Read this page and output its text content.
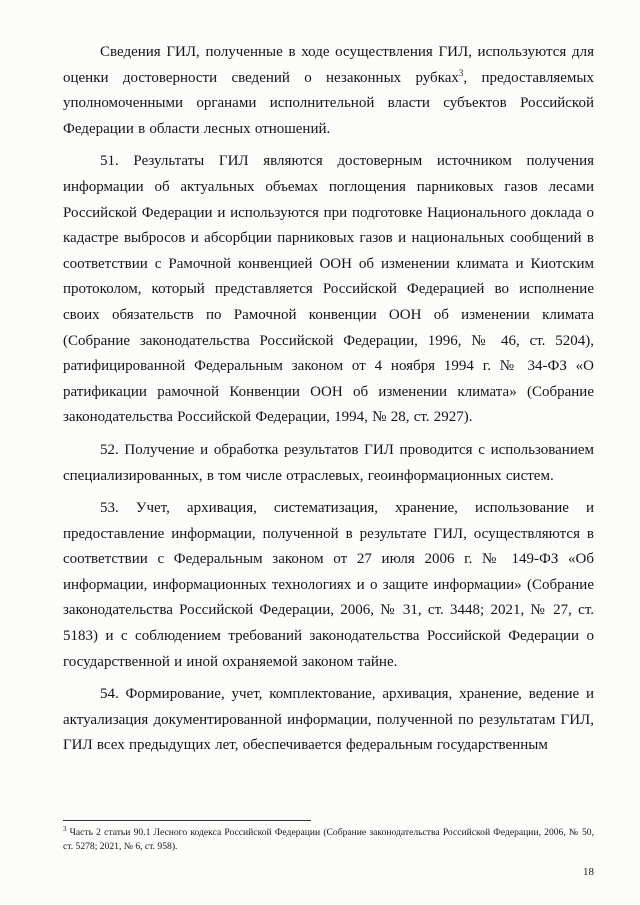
Сведения ГИЛ, полученные в ходе осуществления ГИЛ, используются для оценки достоверности сведений о незаконных рубках$^3$, предоставляемых уполномоченными органами исполнительной власти субъектов Российской Федерации в области лесных отношений.

51. Результаты ГИЛ являются достоверным источником получения информации об актуальных объемах поглощения парниковых газов лесами Российской Федерации и используются при подготовке Национального доклада о кадастре выбросов и абсорбции парниковых газов и национальных сообщений в соответствии с Рамочной конвенцией ООН об изменении климата и Киотским протоколом, который представляется Российской Федерацией во исполнение своих обязательств по Рамочной конвенции ООН об изменении климата (Собрание законодательства Российской Федерации, 1996, № 46, ст. 5204), ратифицированной Федеральным законом от 4 ноября 1994 г. № 34-ФЗ «О ратификации рамочной Конвенции ООН об изменении климата» (Собрание законодательства Российской Федерации, 1994, № 28, ст. 2927).

52. Получение и обработка результатов ГИЛ проводится с использованием специализированных, в том числе отраслевых, геоинформационных систем.

53. Учет, архивация, систематизация, хранение, использование и предоставление информации, полученной в результате ГИЛ, осуществляются в соответствии с Федеральным законом от 27 июля 2006 г. № 149-ФЗ «Об информации, информационных технологиях и о защите информации» (Собрание законодательства Российской Федерации, 2006, № 31, ст. 3448; 2021, № 27, ст. 5183) и с соблюдением требований законодательства Российской Федерации о государственной и иной охраняемой законом тайне.

54. Формирование, учет, комплектование, архивация, хранение, ведение и актуализация документированной информации, полученной по результатам ГИЛ, ГИЛ всех предыдущих лет, обеспечивается федеральным государственным

$^3$ Часть 2 статьи 90.1 Лесного кодекса Российской Федерации (Собрание законодательства Российской Федерации, 2006, № 50, ст. 5278; 2021, № 6, ст. 958).
18
